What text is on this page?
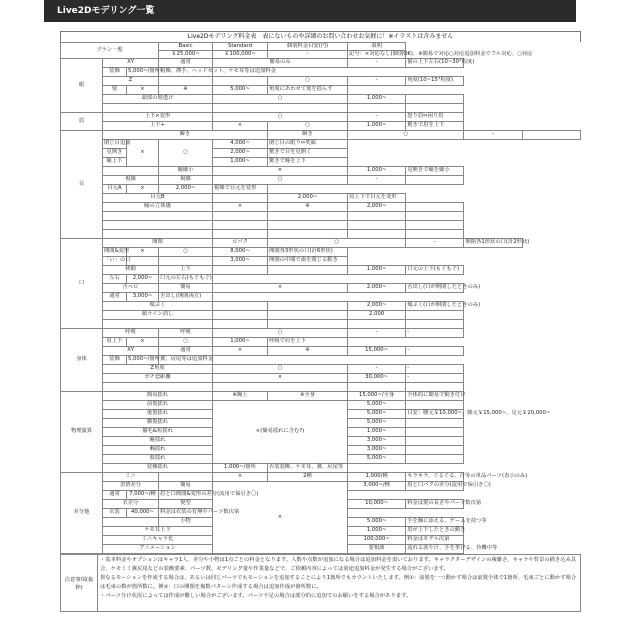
Live2Dモデリング一覧
Live2Dモデリング料金表　表にないものや詳細のお問い合わせお気軽に！※イラストは含みません
プラン一覧			Basic	Standard	個別料金目安(円)	説明			
			￥25,000~	￥100,000~	-	記号：×対応なし(個別OK)、※簡易で対応○対応追加料金でフル対応、○対応			
眼	XY		通常	簡易のみ		-	猫の上下左右(10~30°程度)		
	装飾	5,000~/箇所	帽飾、襟手、ヘッドセット、ケモ耳等は追加料金						
	Z				○	-	角度(10~15°程度)		
	髪	×	※	5,000~	角度にあわせて髪を揺らす				
	頭部の髪透け			○		1,000~			

眉	上下×変形			○		-	怒り眉⇔困り眉		
	上下+			×	○	1,000~	驚きで眉を上下		
目	瞬き				瞬き	○		-	
	閉じ目追加	×	○	4,000~	閉じ目の眼り⇔笑顔				
	見開き			2,000~	驚きで目を見開く				
	瞳上下			1,000~	驚きで瞳を上下				
			瞳縮小	×		1,000~	見開きで瞳を縮小		
	視線		視線	○		-			
	目元A	×	2,000~	視線で目元を変形					
	目元B				2,000~	罠上下で目元を変形			
	瞳の立体感			×	※	2,000~			

口	開閉			ロパク	○		-	開閉各1形状の口(計2形状)	
	開閉&変形	×	○	8,000~	開閉各3形状の口(計6形状)				
	「い」の口			3,000~	開閉の中間で歯を閉じる動き				
	移動		上下			1,000~	口元の上下(もぐもぐ)		
	左右	2,000~	口元の左右(もぐもぐ)						
	舌べロ		簡易	×		2,000~	舌出し(口が開閉したときのみ)		
	通常	3,000~	舌出し(開閉両方)						
	頬ぷく					2,000~	頬ぷく(口が開閉したときのみ)		
	顔ライン消し					2,000			

身体	呼吸		呼吸	○		-	-		
	肩上下	×	○	1,000~	呼吸で肩を上下				
	XY		通常	×	※	15,000~	-		
	装飾	5,000~/箇所	翼、尻尾等は追加料金						
	Z角度			○		-	-		
	ガチ恋距離			×		30,000~	-		

物理演算	簡易揺れ			※胸上	※全身	15,000~/全身	全体的に簡易で動き付け		
	前髪揺れ			×(簡易揺れに含む?)		5,000~			
	後髪揺れ					5,000~	目安：腰元￥10,000~、膝元￥15,000~、足元￥20,000~		
	横髪揺れ					5,000~			
	揃毛&短揺れ					1,000~			
	瞳揺れ					3,000~			
	胸揺れ					3,000~			
	肢揺れ					5,000~			
	装飾揺れ			1,000~/箇所	衣装装飾、ケモ耳、翼、尻尾等				
差分他	ミニ			×	2種	1,000/種	キラキラ、ぐるぐる、汗等の単品パーツ(表示のみ)		
	表情差分		簡易	×		3,000~/種	眉と口パクの差分(流用で保引き〇)		
	通常	7,000~/種	眉と口開閉&変形の差分(流用で保引き〇)						
	衣差分		髪型			10,000~	料金は髪の長さやパーツ数次第		
	衣装	40,000~	料金は衣装の有無やパーツ数次第						
			小物			5,000~	手を胸に添える、ゲームを持つ等		
	ケモ耳上下					1,000~	眉が上下したときの動き		
	ミニキャラ化					100,000~	料金はモデル次第		
	アニメーション					要相談	流れる涙や汗、手を挙げる、待機中等		
注意事項(抜粋)	

・基本料金やオプションはキャラ1人、差分や小物は1点ごとの料金となります。人数や点数が追加になる場合は追加料金を頂いております。キャラクターデザインの複雑さ、キャラや背景の描き込み具合、ケモミミ翼尻尾などの装飾要素、パーツ数、モデリング量や作業量などで、ご依頼内容によっては別途追加料金が発生する場合がございます。

異なるモーションを作成する場合は、あるいは同じパーツでもモーションを追加することにより1箇所でもカウントいたします。例①：前髪を一つ動かす場合は前髪全体で1箇所、毛束ごとに動かす場合は毛束の数が箇所数に。例②：口の開閉を複数パターン作成する場合は追加作成が箇所数に。

・パーツ分け状況によっては作成が難しい場合がございます。パーツ不足の場合は部分的に追加でのお願いをする場合があります。
